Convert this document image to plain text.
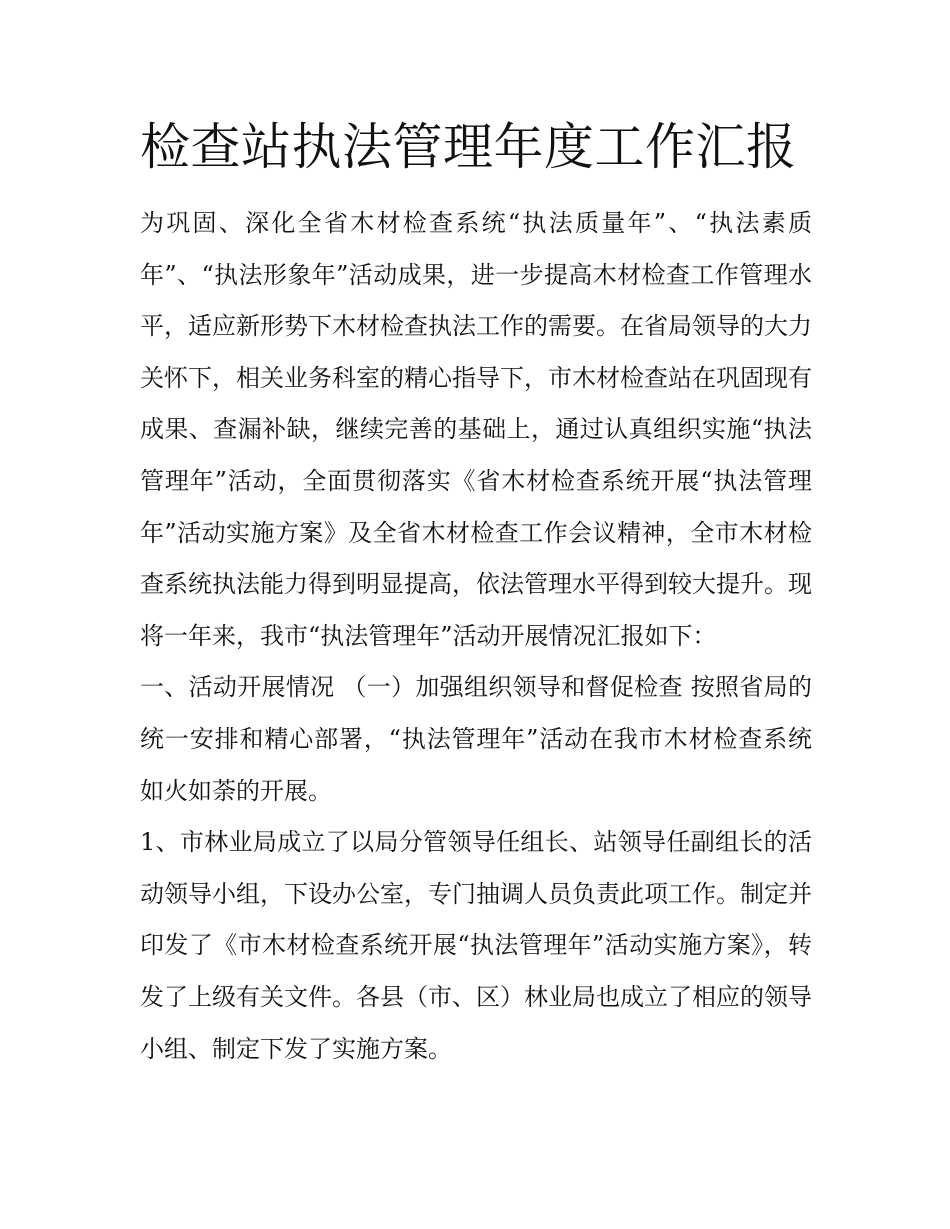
检查站执法管理年度工作汇报

为巩固、深化全省木材检查系统“执法质量年”、“执法素质年”、“执法形象年”活动成果，进一步提高木材检查工作管理水平，适应新形势下木材检查执法工作的需要。在省局领导的大力关怀下，相关业务科室的精心指导下，市木材检查站在巩固现有成果、查漏补缺，继续完善的基础上，通过认真组织实施“执法管理年”活动，全面贯彻落实《省木材检查系统开展“执法管理年”活动实施方案》及全省木材检查工作会议精神，全市木材检查系统执法能力得到明显提高，依法管理水平得到较大提升。现将一年来，我市“执法管理年”活动开展情况汇报如下：

一、活动开展情况 （一）加强组织领导和督促检查 按照省局的统一安排和精心部署，“执法管理年”活动在我市木材检查系统如火如荼的开展。

1、市林业局成立了以局分管领导任组长、站领导任副组长的活动领导小组，下设办公室，专门抽调人员负责此项工作。制定并印发了《市木材检查系统开展“执法管理年”活动实施方案》，转发了上级有关文件。各县（市、区）林业局也成立了相应的领导小组、制定下发了实施方案。
